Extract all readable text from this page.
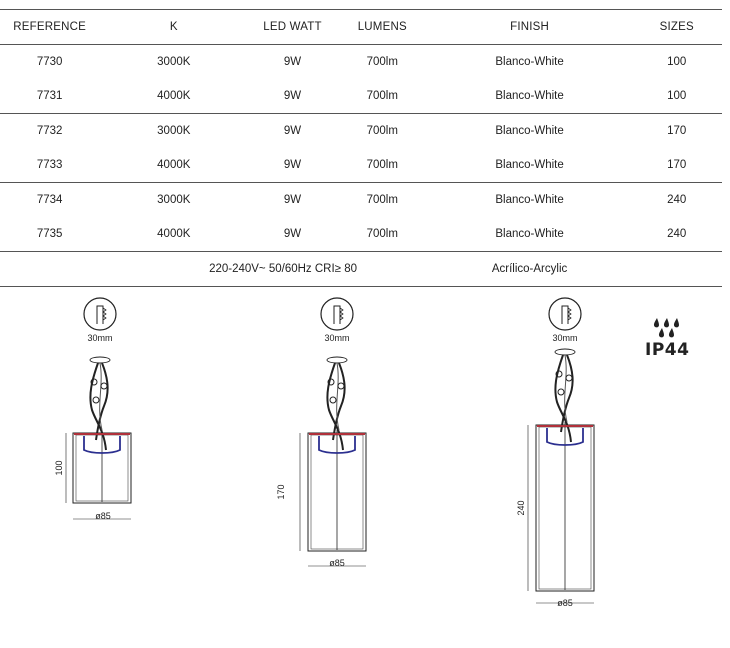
REFERENCE	K	LED WATT	LUMENS	FINISH	SIZES
7730	3000K	9W	700lm	Blanco-White	100
7731	4000K	9W	700lm	Blanco-White	100
7732	3000K	9W	700lm	Blanco-White	170
7733	4000K	9W	700lm	Blanco-White	170
7734	3000K	9W	700lm	Blanco-White	240
7735	4000K	9W	700lm	Blanco-White	240
	220-240V~ 50/60Hz CRI≥ 80			Acrílico-Arcylic	
30mm
100
ø85
30mm
170
ø85
30mm
240
ø85
IP44
